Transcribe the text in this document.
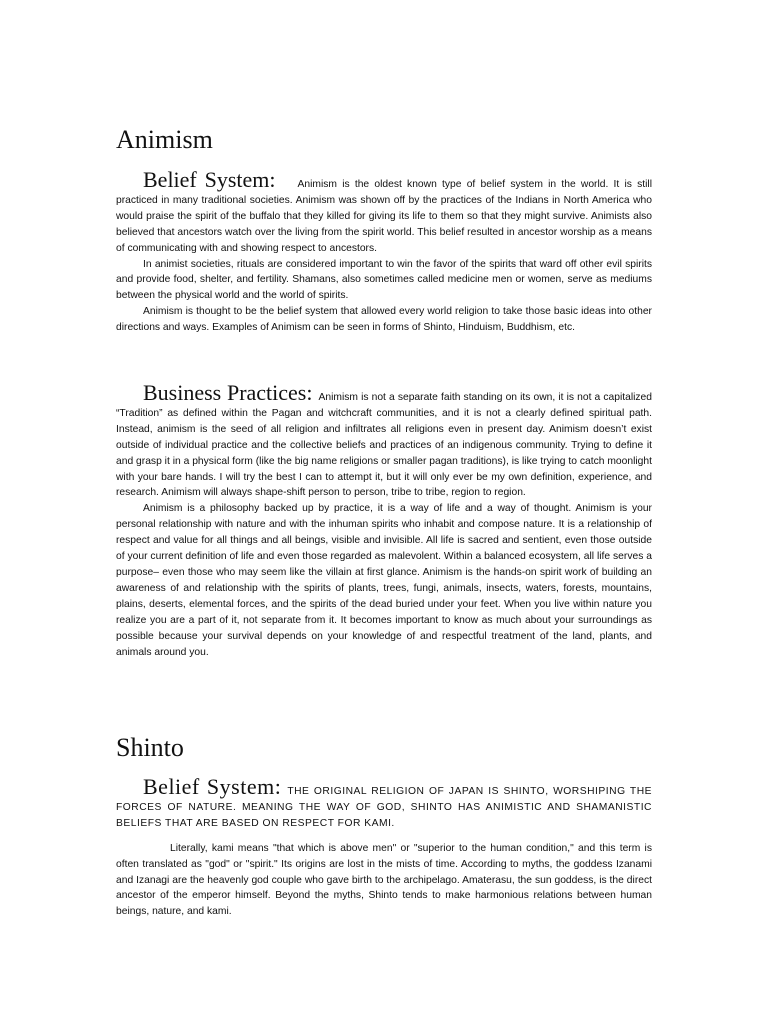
Animism

Belief System: Animism is the oldest known type of belief system in the world. It is still practiced in many traditional societies. Animism was shown off by the practices of the Indians in North America who would praise the spirit of the buffalo that they killed for giving its life to them so that they might survive. Animists also believed that ancestors watch over the living from the spirit world. This belief resulted in ancestor worship as a means of communicating with and showing respect to ancestors.

In animist societies, rituals are considered important to win the favor of the spirits that ward off other evil spirits and provide food, shelter, and fertility. Shamans, also sometimes called medicine men or women, serve as mediums between the physical world and the world of spirits.

Animism is thought to be the belief system that allowed every world religion to take those basic ideas into other directions and ways. Examples of Animism can be seen in forms of Shinto, Hinduism, Buddhism, etc.

Business Practices: Animism is not a separate faith standing on its own, it is not a capitalized “Tradition” as defined within the Pagan and witchcraft communities, and it is not a clearly defined spiritual path. Instead, animism is the seed of all religion and infiltrates all religions even in present day. Animism doesn’t exist outside of individual practice and the collective beliefs and practices of an indigenous community. Trying to define it and grasp it in a physical form (like the big name religions or smaller pagan traditions), is like trying to catch moonlight with your bare hands. I will try the best I can to attempt it, but it will only ever be my own definition, experience, and research. Animism will always shape-shift person to person, tribe to tribe, region to region.

Animism is a philosophy backed up by practice, it is a way of life and a way of thought. Animism is your personal relationship with nature and with the inhuman spirits who inhabit and compose nature. It is a relationship of respect and value for all things and all beings, visible and invisible. All life is sacred and sentient, even those outside of your current definition of life and even those regarded as malevolent. Within a balanced ecosystem, all life serves a purpose– even those who may seem like the villain at first glance. Animism is the hands-on spirit work of building an awareness of and relationship with the spirits of plants, trees, fungi, animals, insects, waters, forests, mountains, plains, deserts, elemental forces, and the spirits of the dead buried under your feet. When you live within nature you realize you are a part of it, not separate from it. It becomes important to know as much about your surroundings as possible because your survival depends on your knowledge of and respectful treatment of the land, plants, and animals around you.

Shinto

Belief System: THE ORIGINAL RELIGION OF JAPAN IS SHINTO, WORSHIPING THE FORCES OF NATURE. MEANING THE WAY OF GOD, SHINTO HAS ANIMISTIC AND SHAMANISTIC BELIEFS THAT ARE BASED ON RESPECT FOR KAMI.

Literally, kami means "that which is above men" or "superior to the human condition," and this term is often translated as "god" or "spirit." Its origins are lost in the mists of time. According to myths, the goddess Izanami and Izanagi are the heavenly god couple who gave birth to the archipelago. Amaterasu, the sun goddess, is the direct ancestor of the emperor himself. Beyond the myths, Shinto tends to make harmonious relations between human beings, nature, and kami.
